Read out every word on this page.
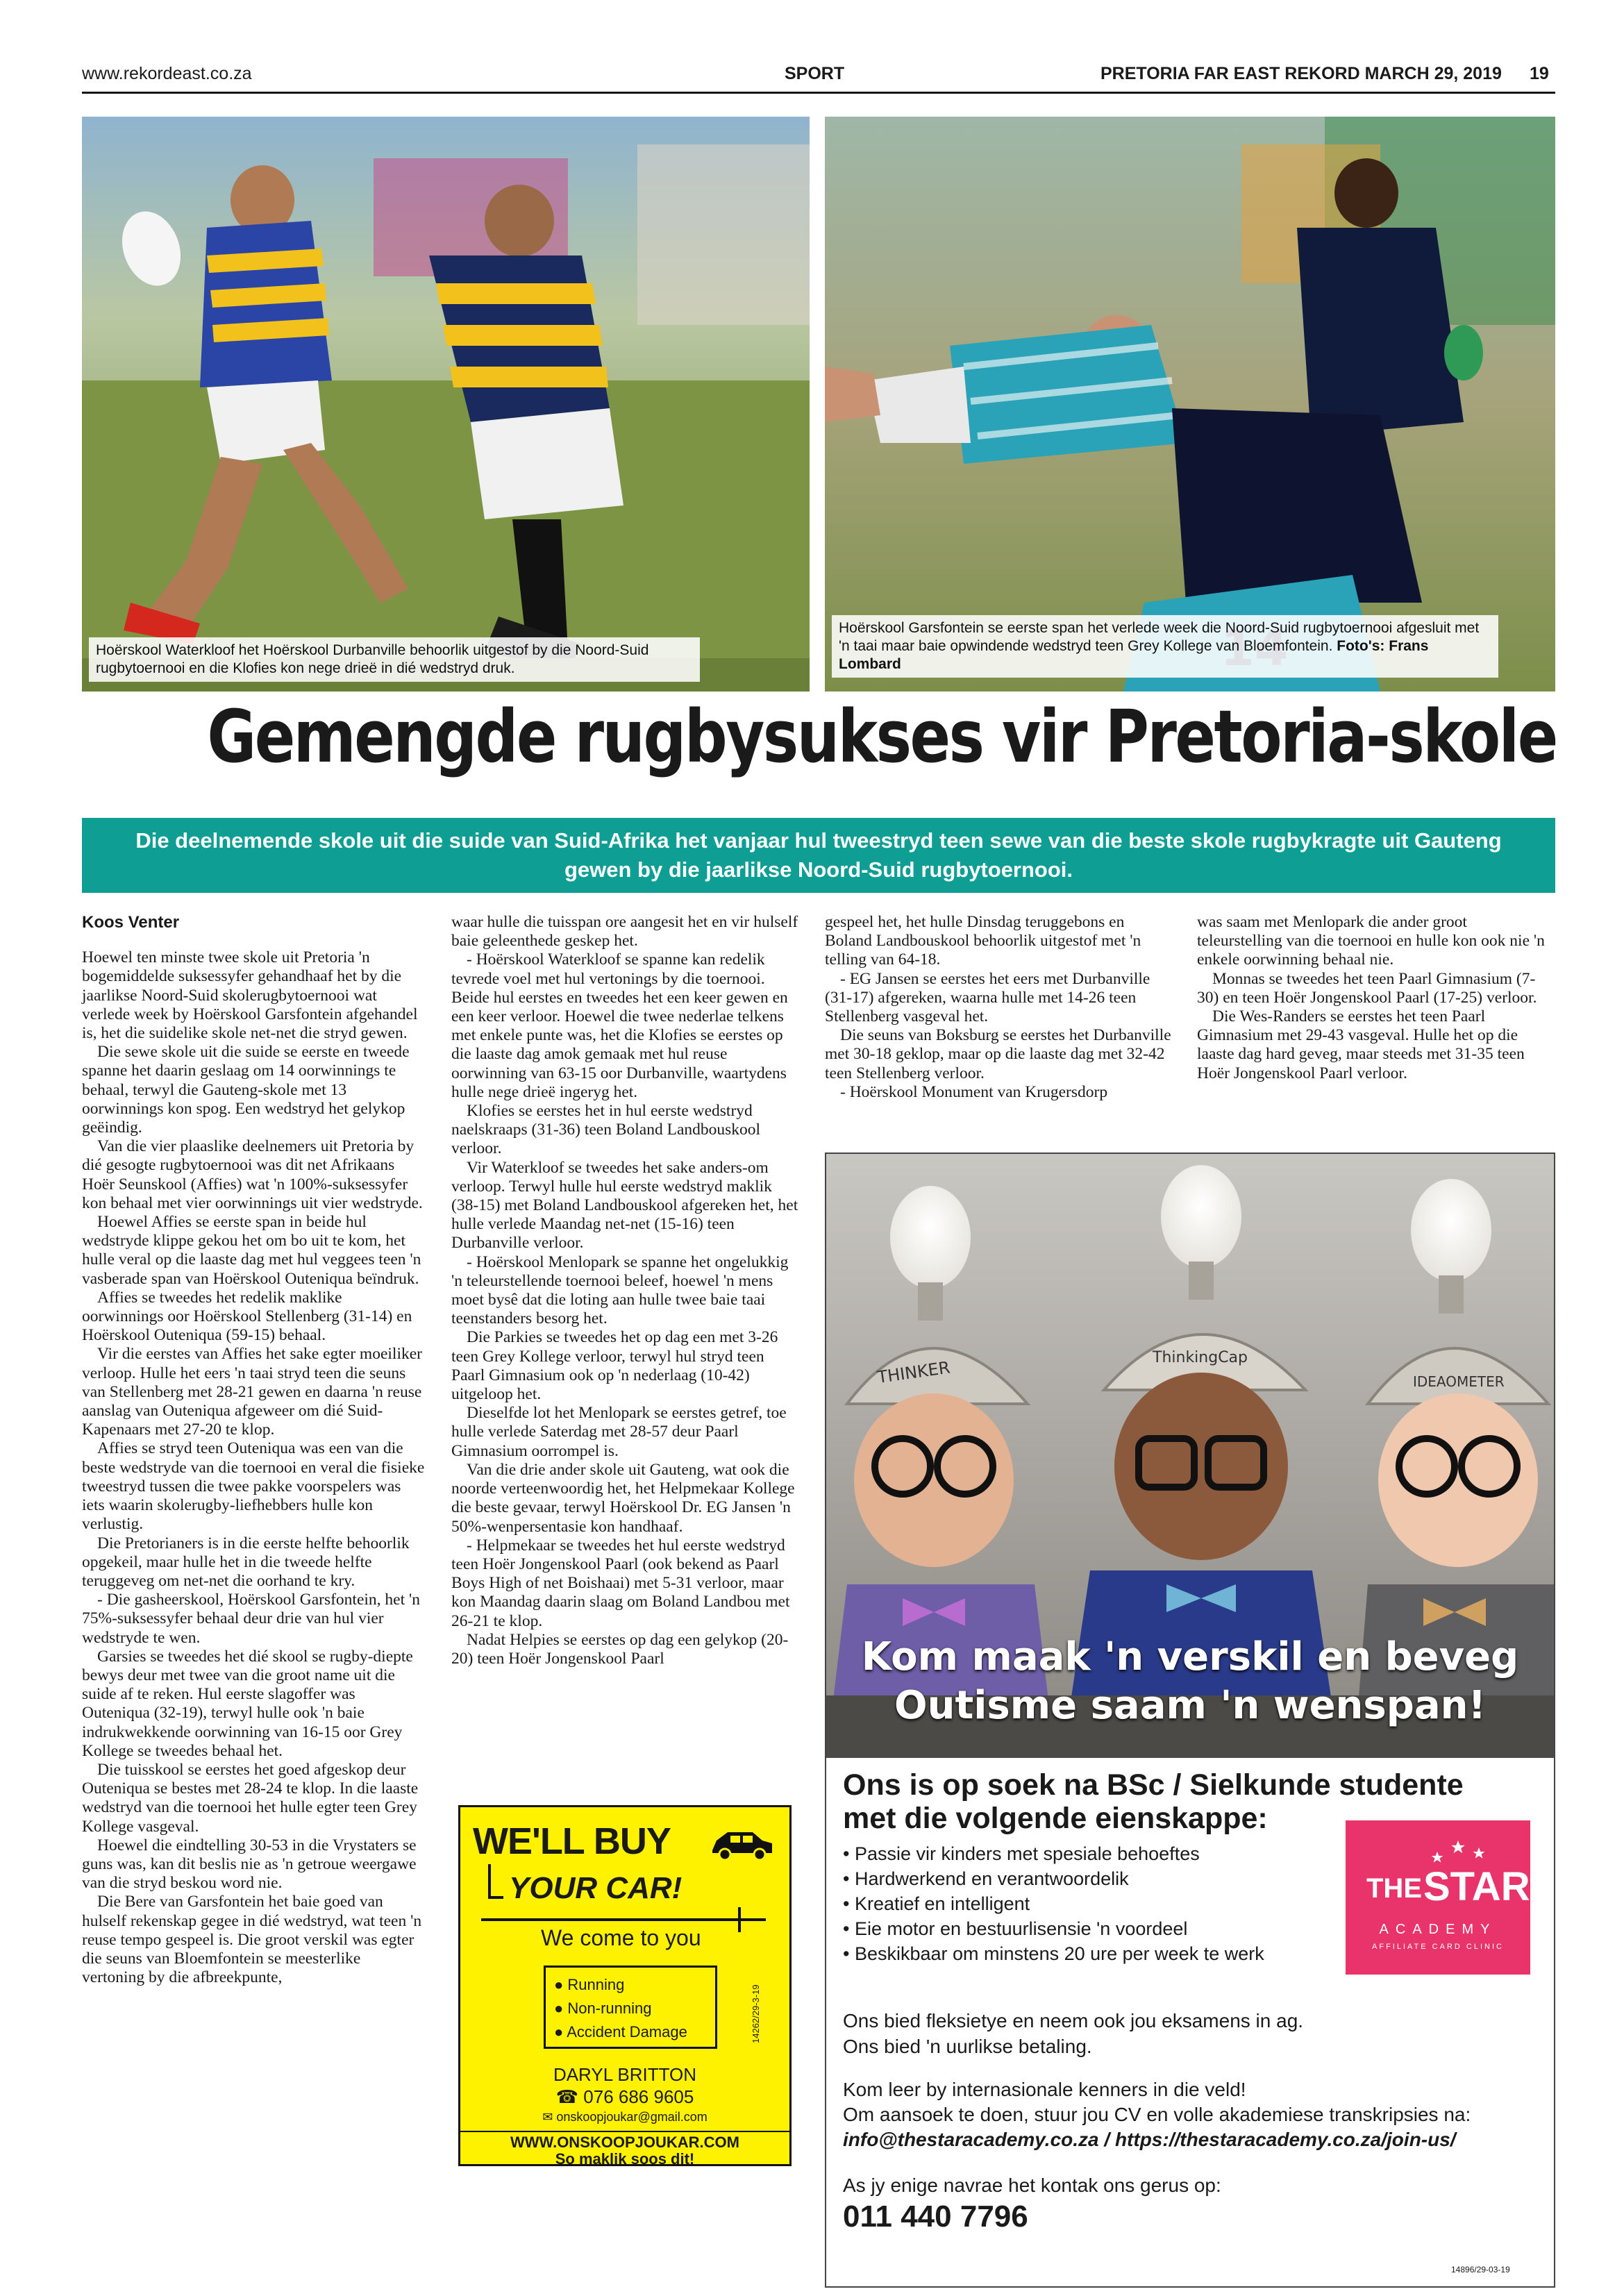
www.rekordeast.co.za	SPORT	PRETORIA FAR EAST REKORD MARCH 29, 2019 19
Hoërskool Waterkloof het Hoërskool Durbanville behoorlik uitgestof by die Noord-Suid rugbytoernooi en die Klofies kon nege drieë in dié wedstryd druk.
Hoërskool Garsfontein se eerste span het verlede week die Noord-Suid rugbytoernooi afgesluit met 'n taai maar baie opwindende wedstryd teen Grey Kollege van Bloemfontein. Foto's: Frans Lombard
Gemengde rugbysukses vir Pretoria-skole
Die deelnemende skole uit die suide van Suid-Afrika het vanjaar hul tweestryd teen sewe van die beste skole rugbykragte uit Gauteng gewen by die jaarlikse Noord-Suid rugbytoernooi.
Koos Venter

Hoewel ten minste twee skole uit Pretoria 'n bogemiddelde suksessyfer gehandhaaf het by die jaarlikse Noord-Suid skolerugbytoernooi wat verlede week by Hoërskool Garsfontein afgehandel is, het die suidelike skole net-net die stryd gewen.

Die sewe skole uit die suide se eerste en tweede spanne het daarin geslaag om 14 oorwinnings te behaal, terwyl die Gauteng-skole met 13 oorwinnings kon spog. Een wedstryd het gelykop geëindig.

Van die vier plaaslike deelnemers uit Pretoria by dié gesogte rugbytoernooi was dit net Afrikaans Hoër Seunskool (Affies) wat 'n 100%-suksessyfer kon behaal met vier oorwinnings uit vier wedstryde.

Hoewel Affies se eerste span in beide hul wedstryde klippe gekou het om bo uit te kom, het hulle veral op die laaste dag met hul veggees teen 'n vasberade span van Hoërskool Outeniqua beïndruk.

Affies se tweedes het redelik maklike oorwinnings oor Hoërskool Stellenberg (31-14) en Hoërskool Outeniqua (59-15) behaal.

Vir die eerstes van Affies het sake egter moeiliker verloop. Hulle het eers 'n taai stryd teen die seuns van Stellenberg met 28-21 gewen en daarna 'n reuse aanslag van Outeniqua afgeweer om dié Suid-Kapenaars met 27-20 te klop.

Affies se stryd teen Outeniqua was een van die beste wedstryde van die toernooi en veral die fisieke tweestryd tussen die twee pakke voorspelers was iets waarin skolerugby-liefhebbers hulle kon verlustig.

Die Pretorianers is in die eerste helfte behoorlik opgekeil, maar hulle het in die tweede helfte teruggeveg om net-net die oorhand te kry.

- Die gasheerskool, Hoërskool Garsfontein, het 'n 75%-suksessyfer behaal deur drie van hul vier wedstryde te wen.

Garsies se tweedes het dié skool se rugby-diepte bewys deur met twee van die groot name uit die suide af te reken. Hul eerste slagoffer was Outeniqua (32-19), terwyl hulle ook 'n baie indrukwekkende oorwinning van 16-15 oor Grey Kollege se tweedes behaal het.

Die tuisskool se eerstes het goed afgeskop deur Outeniqua se bestes met 28-24 te klop. In die laaste wedstryd van die toernooi het hulle egter teen Grey Kollege vasgeval.

Hoewel die eindtelling 30-53 in die Vrystaters se guns was, kan dit beslis nie as 'n getroue weergawe van die stryd beskou word nie.

Die Bere van Garsfontein het baie goed van hulself rekenskap gegee in dié wedstryd, wat teen 'n reuse tempo gespeel is. Die groot verskil was egter die seuns van Bloemfontein se meesterlike vertoning by die afbreekpunte,

waar hulle die tuisspan ore aangesit het en vir hulself baie geleenthede geskep het.

- Hoërskool Waterkloof se spanne kan redelik tevrede voel met hul vertonings by die toernooi. Beide hul eerstes en tweedes het een keer gewen en een keer verloor. Hoewel die twee nederlae telkens met enkele punte was, het die Klofies se eerstes op die laaste dag amok gemaak met hul reuse oorwinning van 63-15 oor Durbanville, waartydens hulle nege drieë ingeryg het.

Klofies se eerstes het in hul eerste wedstryd naelskraaps (31-36) teen Boland Landbouskool verloor.

Vir Waterkloof se tweedes het sake anders-om verloop. Terwyl hulle hul eerste wedstryd maklik (38-15) met Boland Landbouskool afgereken het, het hulle verlede Maandag net-net (15-16) teen Durbanville verloor.

- Hoërskool Menlopark se spanne het ongelukkig 'n teleurstellende toernooi beleef, hoewel 'n mens moet bysê dat die loting aan hulle twee baie taai teenstanders besorg het.

Die Parkies se tweedes het op dag een met 3-26 teen Grey Kollege verloor, terwyl hul stryd teen Paarl Gimnasium ook op 'n nederlaag (10-42) uitgeloop het.

Dieselfde lot het Menlopark se eerstes getref, toe hulle verlede Saterdag met 28-57 deur Paarl Gimnasium oorrompel is.

Van die drie ander skole uit Gauteng, wat ook die noorde verteenwoordig het, het Helpmekaar Kollege die beste gevaar, terwyl Hoërskool Dr. EG Jansen 'n 50%-wenpersentasie kon handhaaf.

- Helpmekaar se tweedes het hul eerste wedstryd teen Hoër Jongenskool Paarl (ook bekend as Paarl Boys High of net Boishaai) met 5-31 verloor, maar kon Maandag daarin slaag om Boland Landbou met 26-21 te klop.

Nadat Helpies se eerstes op dag een gelykop (20-20) teen Hoër Jongenskool Paarl

WE'LL BUY
YOUR CAR!
We come to you
● Running
● Non-running
● Accident Damage
DARYL BRITTON
☎ 076 686 9605
✉ onskoopjoukar@gmail.com
WWW.ONSKOOPJOUKAR.COM
So maklik soos dit!
14262/29-3-19

gespeel het, het hulle Dinsdag teruggebons en Boland Landbouskool behoorlik uitgestof met 'n telling van 64-18.

- EG Jansen se eerstes het eers met Durbanville (31-17) afgereken, waarna hulle met 14-26 teen Stellenberg vasgeval het.

Die seuns van Boksburg se eerstes het Durbanville met 30-18 geklop, maar op die laaste dag met 32-42 teen Stellenberg verloor.

- Hoërskool Monument van Krugersdorp

was saam met Menlopark die ander groot teleurstelling van die toernooi en hulle kon ook nie 'n enkele oorwinning behaal nie.

Monnas se tweedes het teen Paarl Gimnasium (7-30) en teen Hoër Jongenskool Paarl (17-25) verloor.

Die Wes-Randers se eerstes het teen Paarl Gimnasium met 29-43 vasgeval. Hulle het op die laaste dag hard geveg, maar steeds met 31-35 teen Hoër Jongenskool Paarl verloor.

THINKER
ThinkingCap
IDEAOMETER
Kom maak 'n verskil en beveg
Outisme saam 'n wenspan!
Ons is op soek na BSc / Sielkunde studente
met die volgende eienskappe:
• Passie vir kinders met spesiale behoeftes
• Hardwerkend en verantwoordelik
• Kreatief en intelligent
• Eie motor en bestuurlisensie 'n voordeel
• Beskikbaar om minstens 20 ure per week te werk
THE STAR
ACADEMY
AFFILIATE CARD CLINIC
Ons bied fleksietye en neem ook jou eksamens in ag.
Ons bied 'n uurlikse betaling.
Kom leer by internasionale kenners in die veld!
Om aansoek te doen, stuur jou CV en volle akademiese transkripsies na:
info@thestaracademy.co.za / https://thestaracademy.co.za/join-us/
As jy enige navrae het kontak ons gerus op:
011 440 7796
14896/29-03-19
